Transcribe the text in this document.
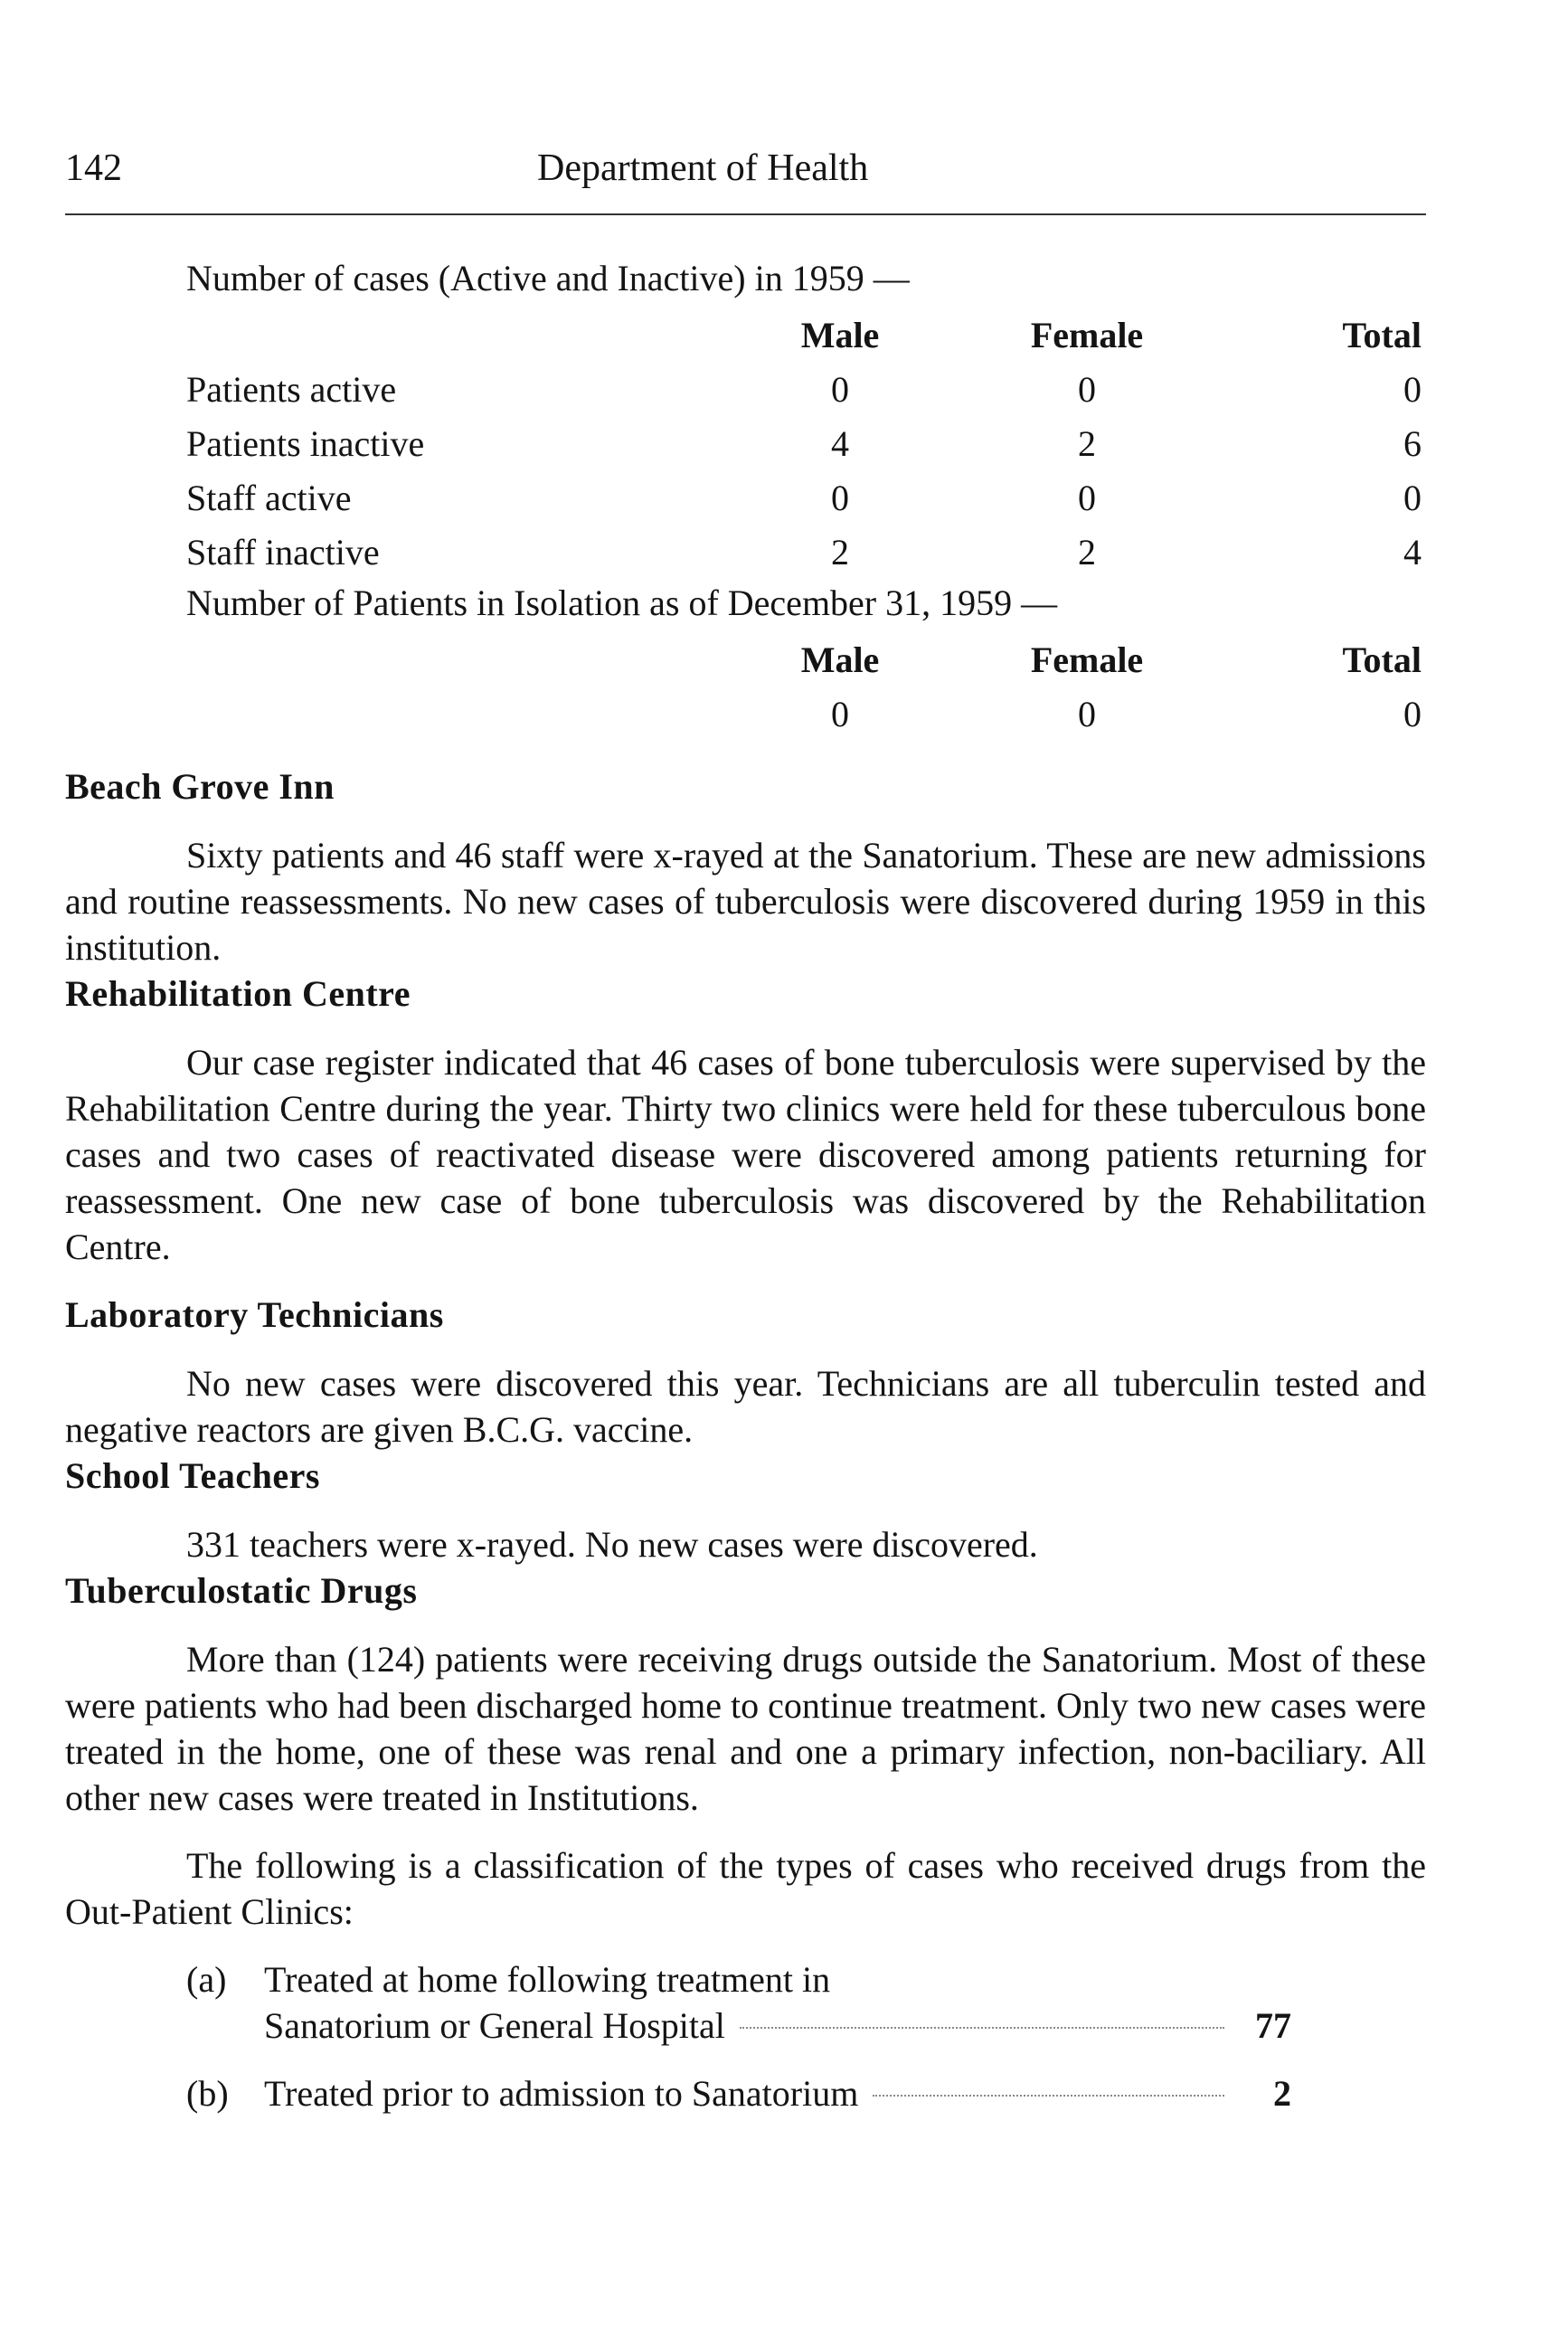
142	Department of Health
Number of cases (Active and Inactive) in 1959 —
	Male	Female	Total
Patients active	0	0	0
Patients inactive	4	2	6
Staff active	0	0	0
Staff inactive	2	2	4
Number of Patients in Isolation as of December 31, 1959 —
	Male	Female	Total
	0	0	0
Beach Grove Inn

Sixty patients and 46 staff were x-rayed at the Sanatorium. These are new admissions and routine reassessments. No new cases of tuberculosis were discovered during 1959 in this institution.

Rehabilitation Centre

Our case register indicated that 46 cases of bone tuberculosis were supervised by the Rehabilitation Centre during the year. Thirty two clinics were held for these tuberculous bone cases and two cases of reactivated disease were discovered among patients returning for reassessment. One new case of bone tuberculosis was discovered by the Rehabilitation Centre.

Laboratory Technicians

No new cases were discovered this year. Technicians are all tuberculin tested and negative reactors are given B.C.G. vaccine.

School Teachers

331 teachers were x-rayed. No new cases were discovered.

Tuberculostatic Drugs

More than (124) patients were receiving drugs outside the Sanatorium. Most of these were patients who had been discharged home to continue treatment. Only two new cases were treated in the home, one of these was renal and one a primary infection, non-baciliary. All other new cases were treated in Institutions.

The following is a classification of the types of cases who received drugs from the Out-Patient Clinics:

(a) Treated at home following treatment in
Sanatorium or General Hospital	77
(b) Treated prior to admission to Sanatorium	2
